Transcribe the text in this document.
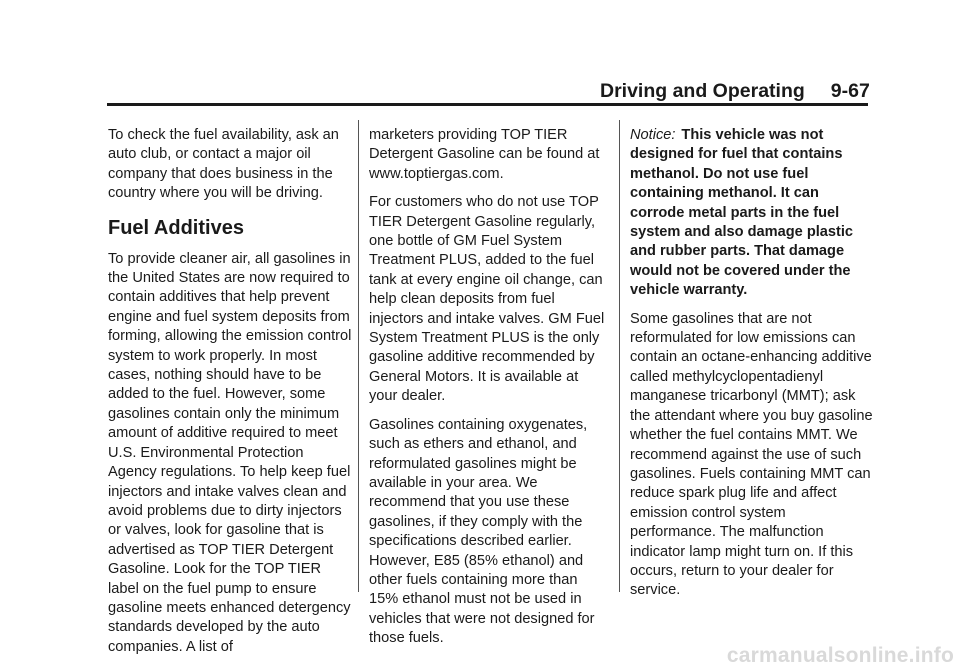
Driving and Operating 9-67

To check the fuel availability, ask an auto club, or contact a major oil company that does business in the country where you will be driving.

Fuel Additives

To provide cleaner air, all gasolines in the United States are now required to contain additives that help prevent engine and fuel system deposits from forming, allowing the emission control system to work properly. In most cases, nothing should have to be added to the fuel. However, some gasolines contain only the minimum amount of additive required to meet U.S. Environmental Protection Agency regulations. To help keep fuel injectors and intake valves clean and avoid problems due to dirty injectors or valves, look for gasoline that is advertised as TOP TIER Detergent Gasoline. Look for the TOP TIER label on the fuel pump to ensure gasoline meets enhanced detergency standards developed by the auto companies. A list of

marketers providing TOP TIER Detergent Gasoline can be found at www.toptiergas.com.

For customers who do not use TOP TIER Detergent Gasoline regularly, one bottle of GM Fuel System Treatment PLUS, added to the fuel tank at every engine oil change, can help clean deposits from fuel injectors and intake valves. GM Fuel System Treatment PLUS is the only gasoline additive recommended by General Motors. It is available at your dealer.

Gasolines containing oxygenates, such as ethers and ethanol, and reformulated gasolines might be available in your area. We recommend that you use these gasolines, if they comply with the specifications described earlier. However, E85 (85% ethanol) and other fuels containing more than 15% ethanol must not be used in vehicles that were not designed for those fuels.

Notice: This vehicle was not designed for fuel that contains methanol. Do not use fuel containing methanol. It can corrode metal parts in the fuel system and also damage plastic and rubber parts. That damage would not be covered under the vehicle warranty.

Some gasolines that are not reformulated for low emissions can contain an octane-enhancing additive called methylcyclopentadienyl manganese tricarbonyl (MMT); ask the attendant where you buy gasoline whether the fuel contains MMT. We recommend against the use of such gasolines. Fuels containing MMT can reduce spark plug life and affect emission control system performance. The malfunction indicator lamp might turn on. If this occurs, return to your dealer for service.

carmanualsonline.info
